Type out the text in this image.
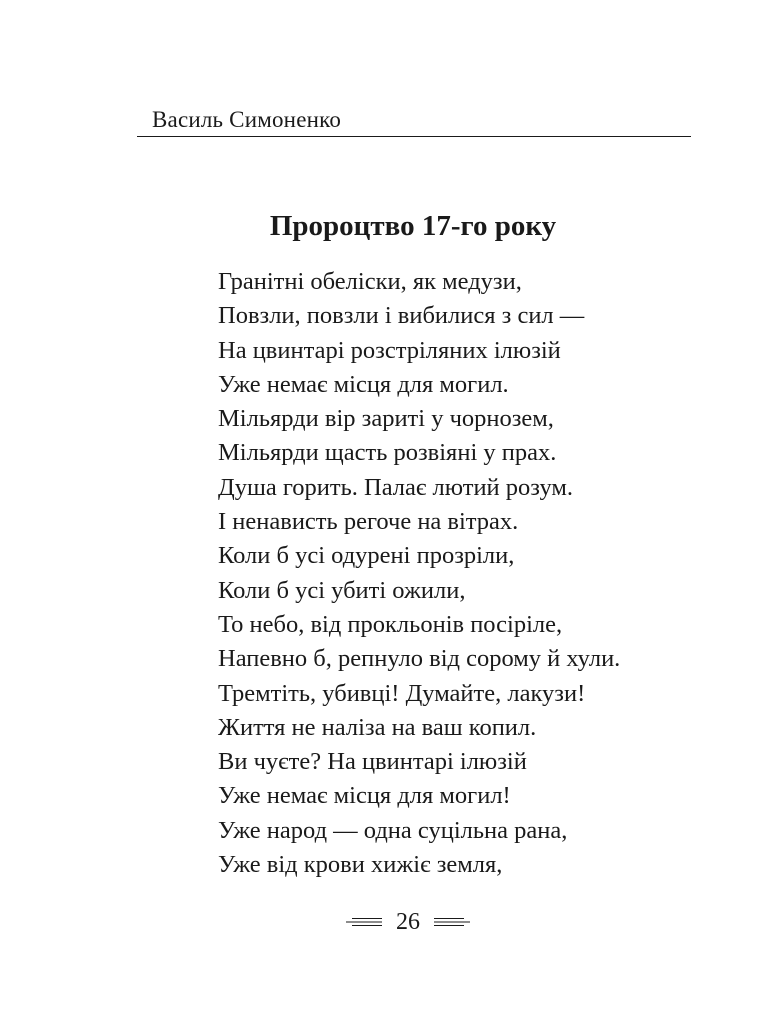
Василь Симоненко
Пророцтво 17-го року
Гранітні обеліски, як медузи,
Повзли, повзли і вибилися з сил —
На цвинтарі розстріляних ілюзій
Уже немає місця для могил.
Мільярди вір зариті у чорнозем,
Мільярди щасть розвіяні у прах.
Душа горить. Палає лютий розум.
І ненависть регоче на вітрах.
Коли б усі одурені прозріли,
Коли б усі убиті ожили,
То небо, від прокльонів посіріле,
Напевно б, репнуло від сорому й хули.
Тремтіть, убивці! Думайте, лакузи!
Життя не наліза на ваш копил.
Ви чуєте? На цвинтарі ілюзій
Уже немає місця для могил!
Уже народ — одна суцільна рана,
Уже від крови хижіє земля,
26
